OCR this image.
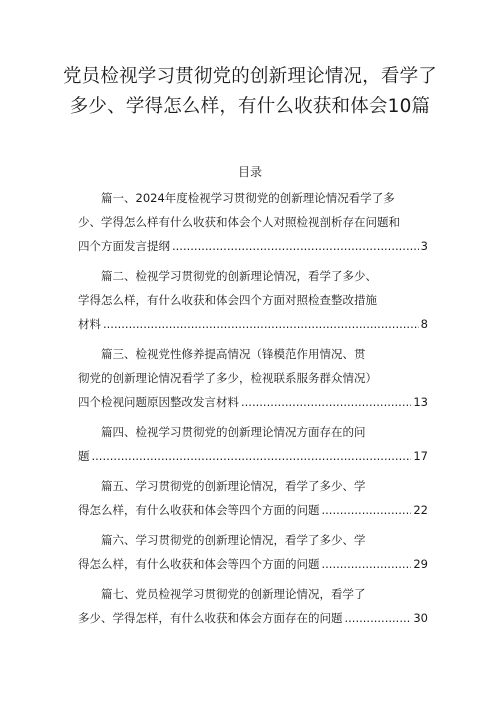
党员检视学习贯彻党的创新理论情况，看学了多少、学得怎么样，有什么收获和体会10篇
目录
篇一、2024年度检视学习贯彻党的创新理论情况看学了多
少、学得怎么样有什么收获和体会个人对照检视剖析存在问题和
四个方面发言提纲 .....	3
篇二、检视学习贯彻党的创新理论情况，看学了多少、
学得怎么样，有什么收获和体会四个方面对照检查整改措施
材料 .....	8
篇三、检视党性修养提高情况（锋模范作用情况、贯
彻党的创新理论情况看学了多少，检视联系服务群众情况）
四个检视问题原因整改发言材料 .....	13
篇四、检视学习贯彻党的创新理论情况方面存在的问
题 .....	17
篇五、学习贯彻党的创新理论情况，看学了多少、学
得怎么样，有什么收获和体会等四个方面的问题 .....	22
篇六、学习贯彻党的创新理论情况，看学了多少、学
得怎么样，有什么收获和体会等四个方面的问题 .....	29
篇七、党员检视学习贯彻党的创新理论情况，看学了
多少、学得怎样，有什么收获和体会方面存在的问题 .....	30
